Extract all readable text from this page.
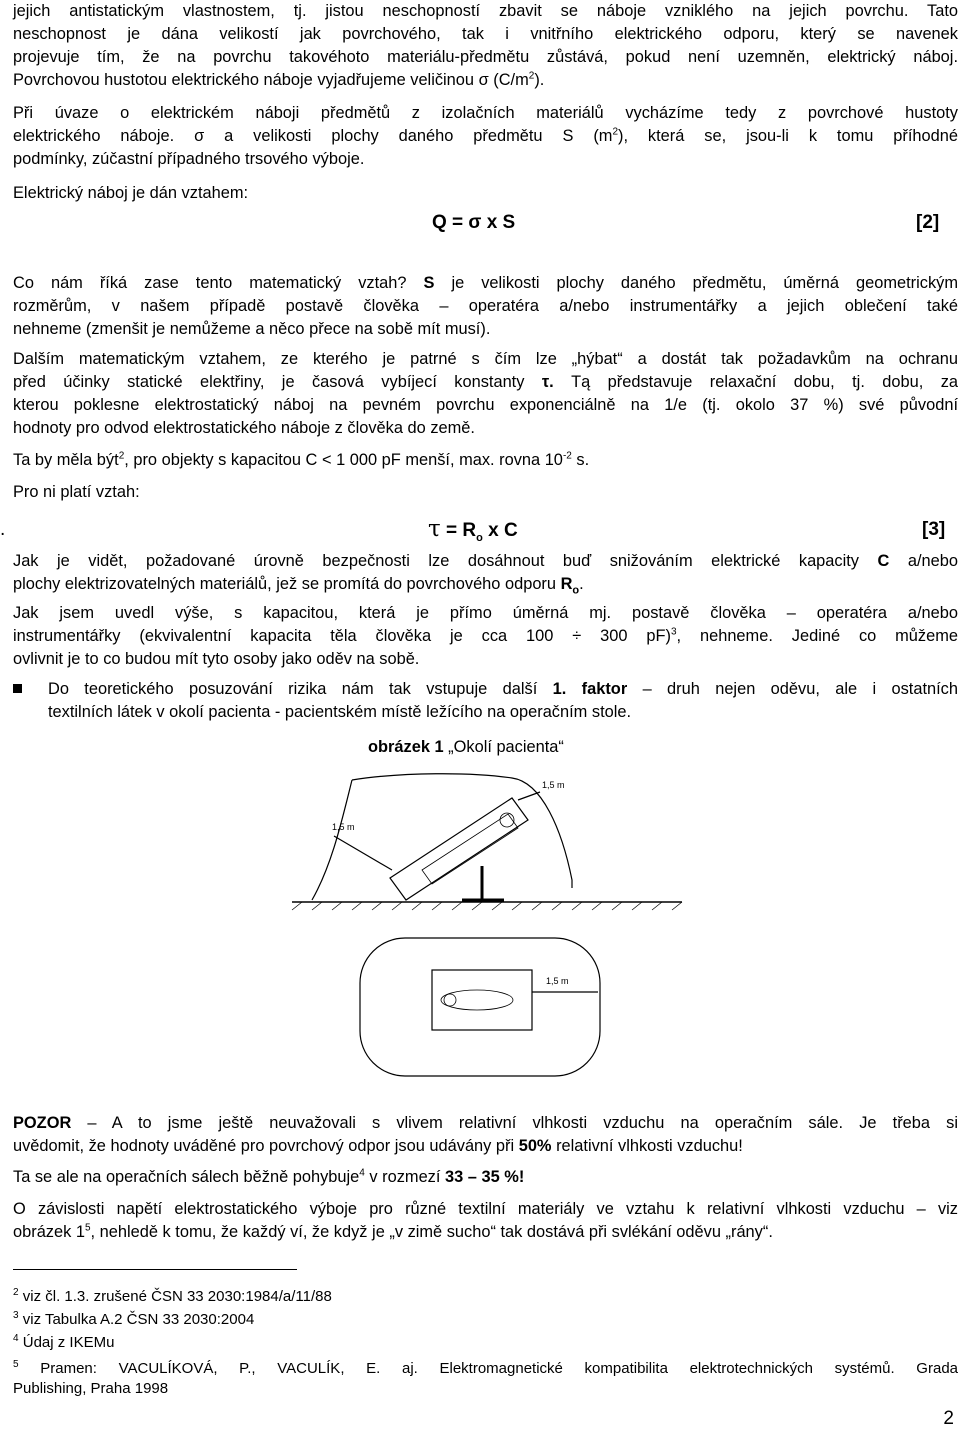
jejich antistatickým vlastnostem, tj. jistou neschopností zbavit se náboje vzniklého na jejich povrchu. Tato
neschopnost je dána velikostí jak povrchového, tak i vnitřního elektrického odporu, který se navenek
projevuje tím, že na povrchu takovéhoto materiálu-předmětu zůstává, pokud není uzemněn, elektrický náboj.
Povrchovou hustotou elektrického náboje vyjadřujeme veličinou σ $(C/m^2)$.
Při úvaze o elektrickém náboji předmětů z izolačních materiálů vycházíme tedy z povrchové hustoty
elektrického náboje. σ a velikosti plochy daného předmětu S $(m^2)$, která se, jsou-li k tomu příhodné
podmínky, zúčastní případného trsového výboje.
Elektrický náboj je dán vztahem:
Q = σ x S	[2]
Co nám říká zase tento matematický vztah? S je velikosti plochy daného předmětu, úměrná geometrickým
rozměrům, v našem případě postavě člověka – operatéra a/nebo instrumentářky a jejich oblečení také
nehneme (zmenšit je nemůžeme a něco přece na sobě mít musí).
Dalším matematickým vztahem, ze kterého je patrné s čím lze „hýbat“ a dostát tak požadavkům na ochranu
před účinky statické elektřiny, je časová vybíjecí konstanty τ. Tą představuje relaxační dobu, tj. dobu, za
kterou poklesne elektrostatický náboj na pevném povrchu exponenciálně na 1/e (tj. okolo 37 %) své původní
hodnoty pro odvod elektrostatického náboje z člověka do země.
Ta by měla být$^2$, pro objekty s kapacitou C < 1 000 pF menší, max. rovna $10^{-2}$ s.
Pro ni platí vztah:
.	$\tau = R_o$ x C	[3]
Jak je vidět, požadované úrovně bezpečnosti lze dosáhnout buď snižováním elektrické kapacity C a/nebo
plochy elektrizovatelných materiálů, jež se promítá do povrchového odporu $R_o$.
Jak jsem uvedl výše, s kapacitou, která je přímo úměrná mj. postavě člověka – operatéra a/nebo
instrumentářky (ekvivalentní kapacita těla člověka je cca 100 ÷ 300 pF)$^3$, nehneme. Jediné co můžeme
ovlivnit je to co budou mít tyto osoby jako oděv na sobě.
Do teoretického posuzování rizika nám tak vstupuje další 1. faktor – druh nejen oděvu, ale i ostatních
textilních látek v okolí pacienta - pacientském místě ležícího na operačním stole.
obrázek 1 „Okolí pacienta“
1,5 m
1,5 m
1,5 m
POZOR – A to jsme ještě neuvažovali s vlivem relativní vlhkosti vzduchu na operačním sále. Je třeba si
uvědomit, že hodnoty uváděné pro povrchový odpor jsou udávány při 50% relativní vlhkosti vzduchu!
Ta se ale na operačních sálech běžně pohybuje$^4$ v rozmezí 33 – 35 %!
O závislosti napětí elektrostatického výboje pro různé textilní materiály ve vztahu k relativní vlhkosti vzduchu – viz
obrázek $1^5$, nehledě k tomu, že každý ví, že když je „v zimě sucho“ tak dostává při svlékání oděvu „rány“.
$^2$ viz čl. 1.3. zrušené ČSN 33 2030:1984/a/11/88
$^3$ viz Tabulka A.2 ČSN 33 2030:2004
$^4$ Údaj z IKEMu
$^5$ Pramen: VACULÍKOVÁ, P., VACULÍK, E. aj. Elektromagnetické kompatibilita elektrotechnických systémů. Grada
Publishing, Praha 1998
2
